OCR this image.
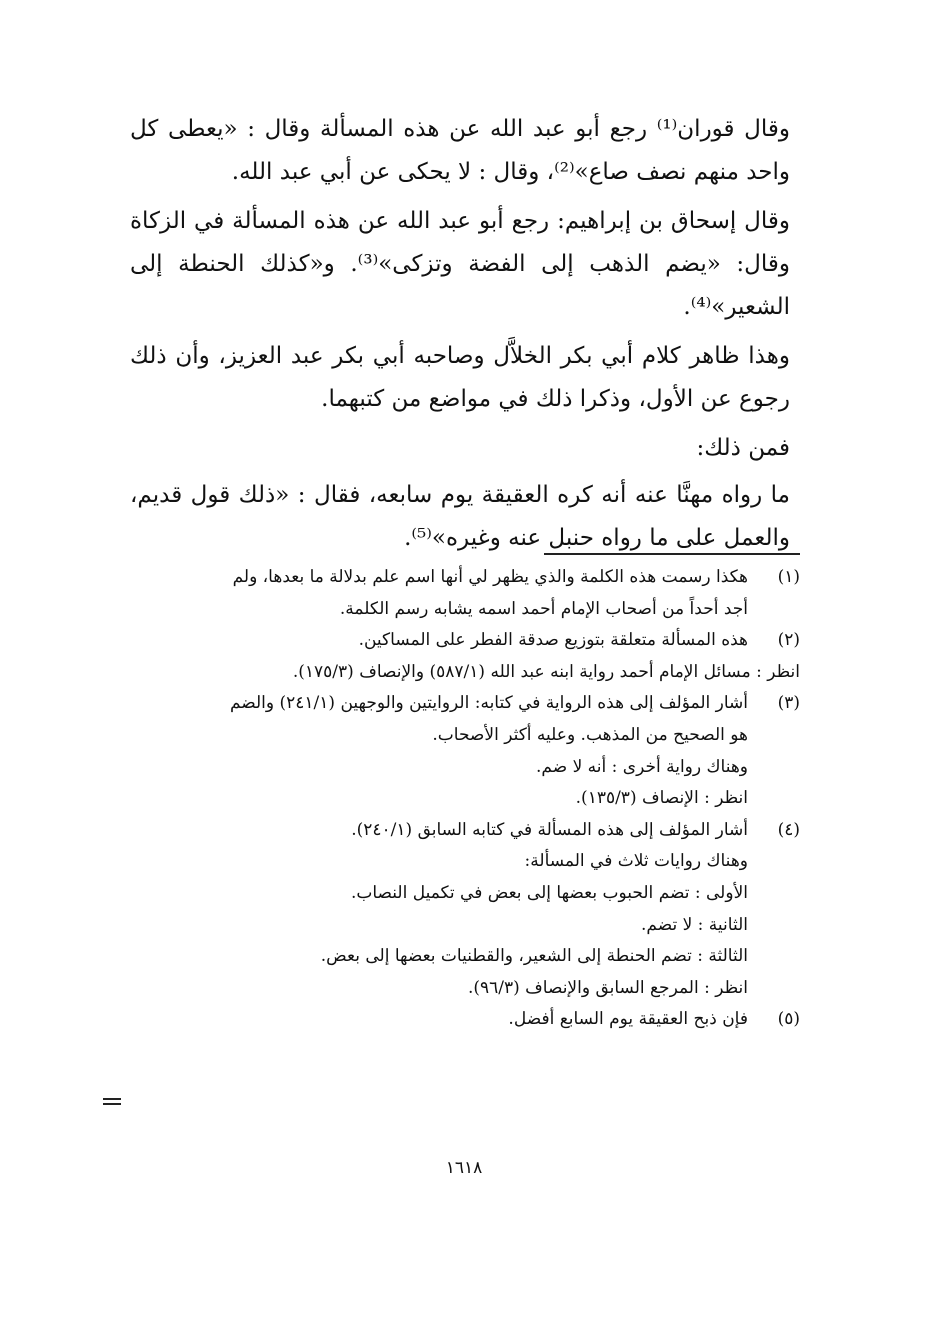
وقال قوران⁽¹⁾ رجع أبو عبد الله عن هذه المسألة وقال : «يعطى كل واحد منهم نصف صاع»⁽²⁾، وقال : لا يحكى عن أبي عبد الله.

وقال إسحاق بن إبراهيم: رجع أبو عبد الله عن هذه المسألة في الزكاة وقال: «يضم الذهب إلى الفضة وتزكى»⁽³⁾. و«كذلك الحنطة إلى الشعير»⁽⁴⁾.

وهذا ظاهر كلام أبي بكر الخلاَّل وصاحبه أبي بكر عبد العزيز، وأن ذلك رجوع عن الأول، وذكرا ذلك في مواضع من كتبهما.

فمن ذلك:

ما رواه مهنَّا عنه أنه كره العقيقة يوم سابعه، فقال : «ذلك قول قديم، والعمل على ما رواه حنبل عنه وغيره»⁽⁵⁾.

(١)
هكذا رسمت هذه الكلمة والذي يظهر لي أنها اسم علم بدلالة ما بعدها، ولم
أجد أحداً من أصحاب الإمام أحمد اسمه يشابه رسم الكلمة.
(٢)
هذه المسألة متعلقة بتوزيع صدقة الفطر على المساكين.
انظر : مسائل الإمام أحمد رواية ابنه عبد الله (٥٨٧/١) والإنصاف (١٧٥/٣).
(٣)
أشار المؤلف إلى هذه الرواية في كتابه: الروايتين والوجهين (٢٤١/١) والضم
هو الصحيح من المذهب. وعليه أكثر الأصحاب.
وهناك رواية أخرى : أنه لا ضم.
انظر : الإنصاف (١٣٥/٣).
(٤)
أشار المؤلف إلى هذه المسألة في كتابه السابق (٢٤٠/١).
وهناك روايات ثلاث في المسألة:
الأولى : تضم الحبوب بعضها إلى بعض في تكميل النصاب.
الثانية : لا تضم.
الثالثة : تضم الحنطة إلى الشعير، والقطنيات بعضها إلى بعض.
انظر : المرجع السابق والإنصاف (٩٦/٣).
(٥)
فإن ذبح العقيقة يوم السابع أفضل.
١٦١٨
